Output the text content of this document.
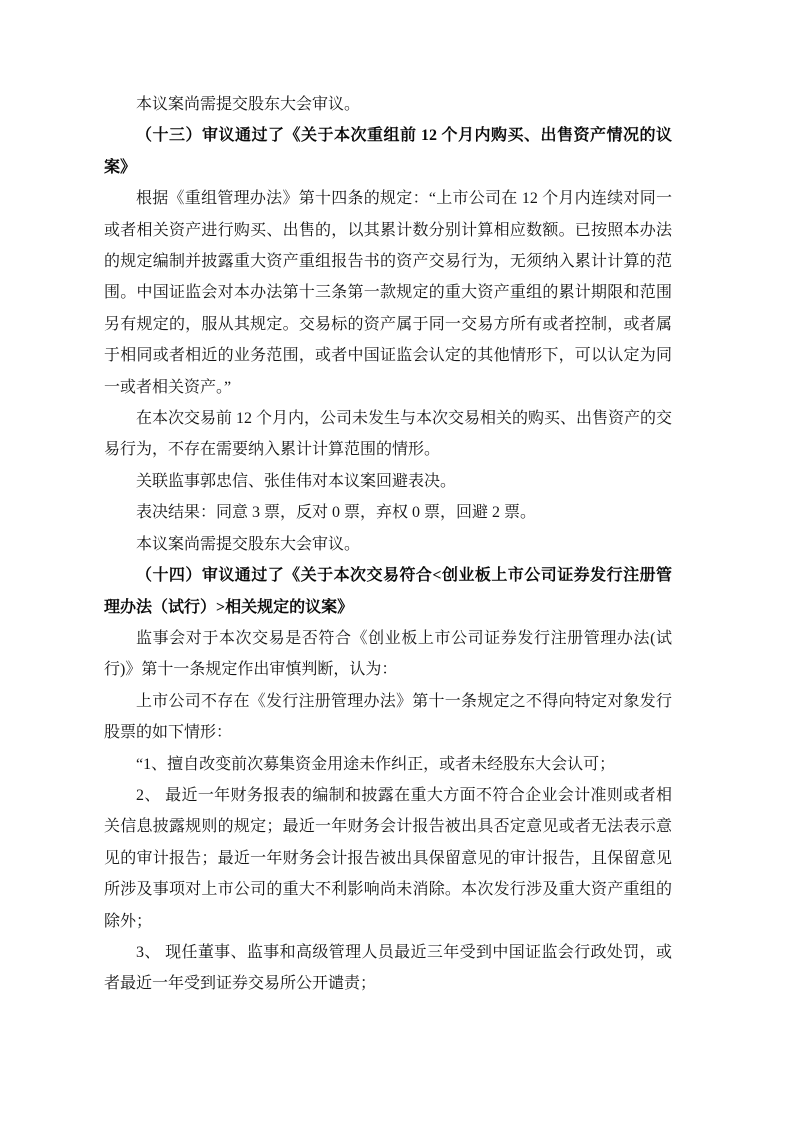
本议案尚需提交股东大会审议。

（十三）审议通过了《关于本次重组前 12 个月内购买、出售资产情况的议案》

根据《重组管理办法》第十四条的规定：“上市公司在 12 个月内连续对同一或者相关资产进行购买、出售的，以其累计数分别计算相应数额。已按照本办法的规定编制并披露重大资产重组报告书的资产交易行为，无须纳入累计计算的范围。中国证监会对本办法第十三条第一款规定的重大资产重组的累计期限和范围另有规定的，服从其规定。交易标的资产属于同一交易方所有或者控制，或者属于相同或者相近的业务范围，或者中国证监会认定的其他情形下，可以认定为同一或者相关资产。”

在本次交易前 12 个月内，公司未发生与本次交易相关的购买、出售资产的交易行为，不存在需要纳入累计计算范围的情形。

关联监事郭忠信、张佳伟对本议案回避表决。

表决结果：同意 3 票，反对 0 票，弃权 0 票，回避 2 票。

本议案尚需提交股东大会审议。

（十四）审议通过了《关于本次交易符合<创业板上市公司证券发行注册管理办法（试行）>相关规定的议案》

监事会对于本次交易是否符合《创业板上市公司证券发行注册管理办法(试行)》第十一条规定作出审慎判断，认为：

上市公司不存在《发行注册管理办法》第十一条规定之不得向特定对象发行股票的如下情形：

“1、擅自改变前次募集资金用途未作纠正，或者未经股东大会认可；

2、 最近一年财务报表的编制和披露在重大方面不符合企业会计准则或者相关信息披露规则的规定；最近一年财务会计报告被出具否定意见或者无法表示意见的审计报告；最近一年财务会计报告被出具保留意见的审计报告，且保留意见所涉及事项对上市公司的重大不利影响尚未消除。本次发行涉及重大资产重组的除外；

3、 现任董事、监事和高级管理人员最近三年受到中国证监会行政处罚，或者最近一年受到证券交易所公开谴责；
